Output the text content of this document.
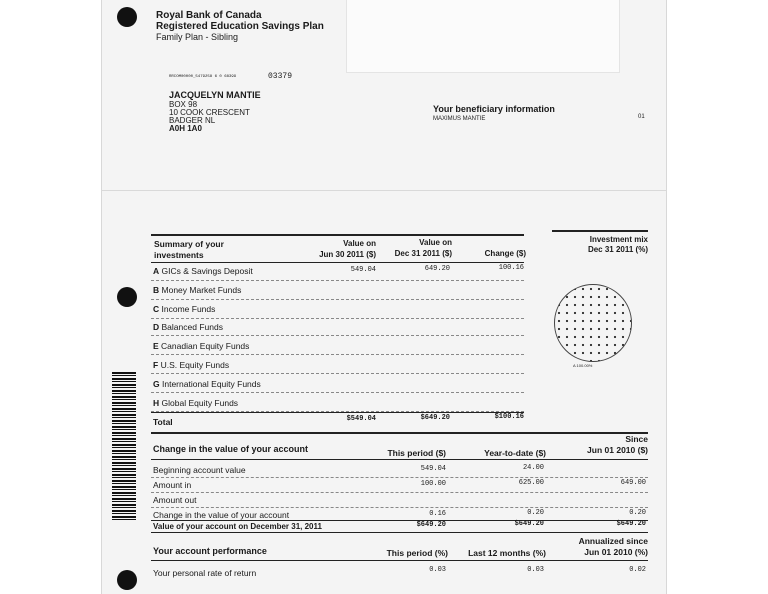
Royal Bank of Canada
Registered Education Savings Plan
Family Plan - Sibling
RRCOM00000_5479258 6 0 68399	03379
JACQUELYN MANTIE
BOX 98
10 COOK CRESCENT
BADGER NL
A0H 1A0
Your beneficiary information
MAXIMUS MANTIE	01
Summary of your
investments
Value on
Jun 30 2011 ($)
Value on
Dec 31 2011 ($)	Change ($)
Investment mix
Dec 31 2011 (%)
A GICs & Savings Deposit	549.04	649.20	100.16
B Money Market Funds
C Income Funds
D Balanced Funds
E Canadian Equity Funds
F U.S. Equity Funds
G International Equity Funds
H Global Equity Funds
Total	$549.04	$649.20	$100.16
A 100.00%
Change in the value of your account	This period ($)	Year-to-date ($)
Since
Jun 01 2010 ($)
Beginning account value	549.04	24.00
Amount in	100.00	625.00	649.00
Amount out
Change in the value of your account	0.16	0.20	0.20
Value of your account on December 31, 2011	$649.20	$649.20	$649.20
Your account performance	This period (%)	Last 12 months (%)
Annualized since
Jun 01 2010 (%)
Your personal rate of return	0.03	0.03	0.02
